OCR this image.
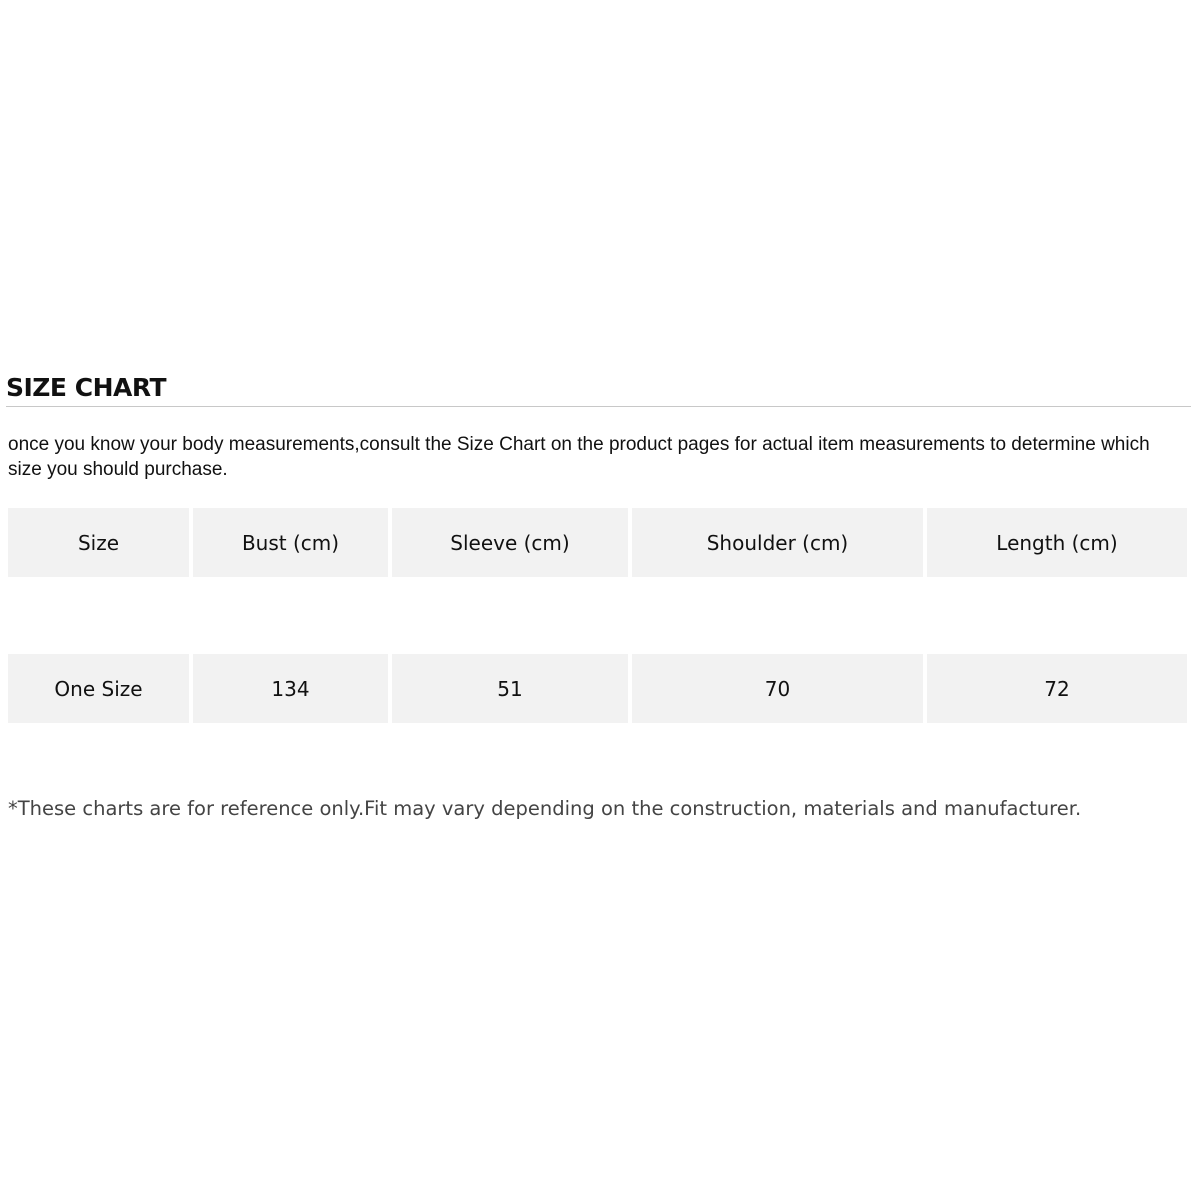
SIZE CHART

once you know your body measurements,consult the Size Chart on the product pages for actual item measurements to determine which size you should purchase.

Size	Bust (cm)	Sleeve (cm)	Shoulder (cm)	Length (cm)
One Size	134	51	70	72

*These charts are for reference only.Fit may vary depending on the construction, materials and manufacturer.
